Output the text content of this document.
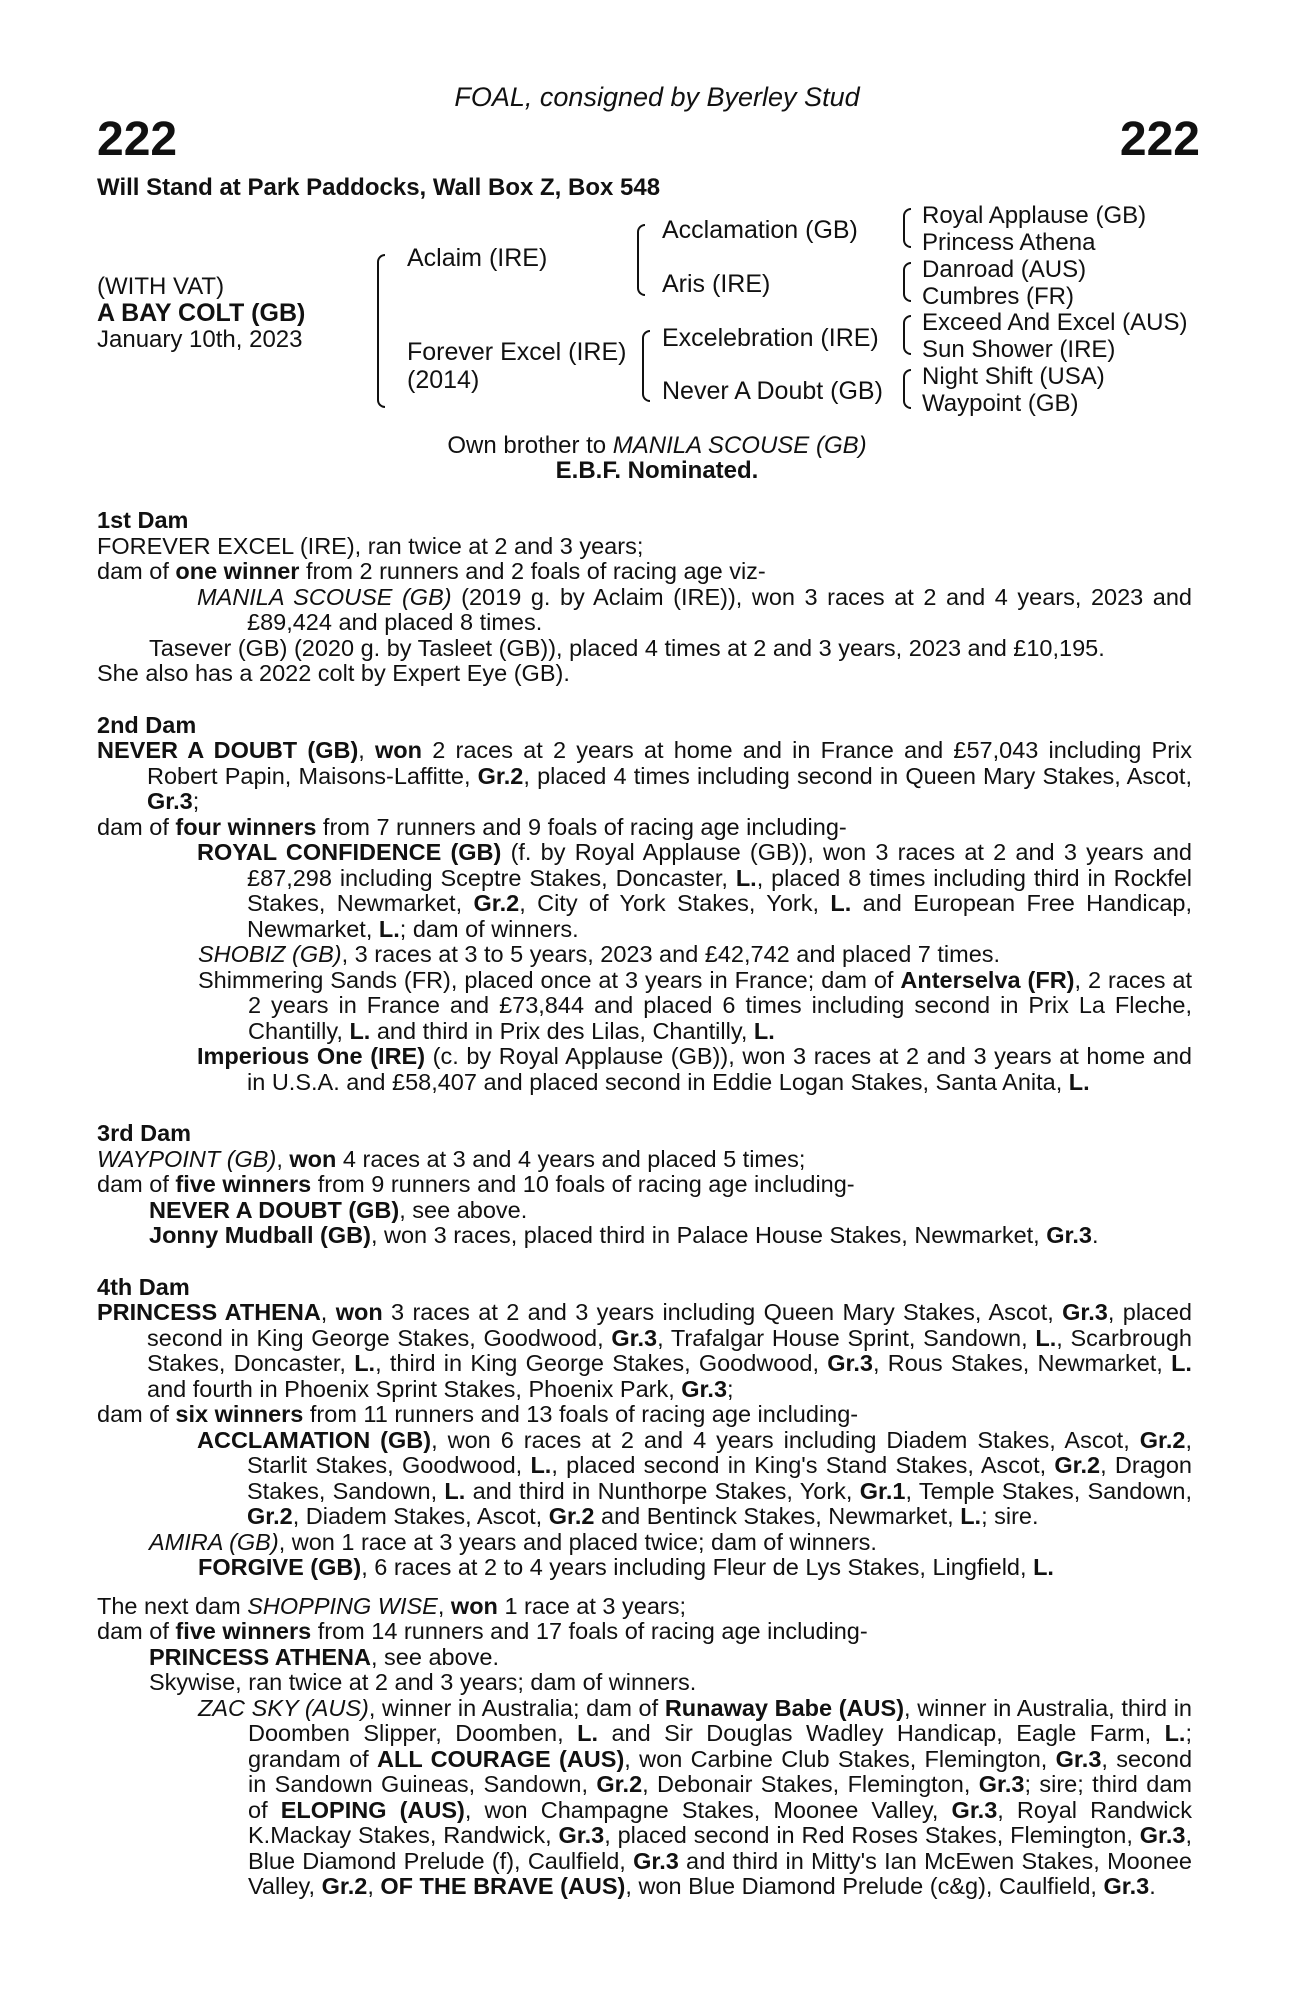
FOAL, consigned by Byerley Stud
222	222
Will Stand at Park Paddocks, Wall Box Z, Box 548
(WITH VAT)
A BAY COLT (GB)
January 10th, 2023
Aclaim (IRE)
Forever Excel (IRE)
(2014)
Acclamation (GB)
Aris (IRE)
Excelebration (IRE)
Never A Doubt (GB)
Royal Applause (GB)
Princess Athena
Danroad (AUS)
Cumbres (FR)
Exceed And Excel (AUS)
Sun Shower (IRE)
Night Shift (USA)
Waypoint (GB)
Own brother to MANILA SCOUSE (GB)
E.B.F. Nominated.

1st Dam

FOREVER EXCEL (IRE), ran twice at 2 and 3 years;

dam of one winner from 2 runners and 2 foals of racing age viz-

MANILA SCOUSE (GB) (2019 g. by Aclaim (IRE)), won 3 races at 2 and 4 years, 2023 and £89,424 and placed 8 times.

Tasever (GB) (2020 g. by Tasleet (GB)), placed 4 times at 2 and 3 years, 2023 and £10,195.

She also has a 2022 colt by Expert Eye (GB).

2nd Dam

NEVER A DOUBT (GB), won 2 races at 2 years at home and in France and £57,043 including Prix Robert Papin, Maisons-Laffitte, Gr.2, placed 4 times including second in Queen Mary Stakes, Ascot, Gr.3;

dam of four winners from 7 runners and 9 foals of racing age including-

ROYAL CONFIDENCE (GB) (f. by Royal Applause (GB)), won 3 races at 2 and 3 years and £87,298 including Sceptre Stakes, Doncaster, L., placed 8 times including third in Rockfel Stakes, Newmarket, Gr.2, City of York Stakes, York, L. and European Free Handicap, Newmarket, L.; dam of winners.

SHOBIZ (GB), 3 races at 3 to 5 years, 2023 and £42,742 and placed 7 times.

Shimmering Sands (FR), placed once at 3 years in France; dam of Anterselva (FR), 2 races at 2 years in France and £73,844 and placed 6 times including second in Prix La Fleche, Chantilly, L. and third in Prix des Lilas, Chantilly, L.

Imperious One (IRE) (c. by Royal Applause (GB)), won 3 races at 2 and 3 years at home and in U.S.A. and £58,407 and placed second in Eddie Logan Stakes, Santa Anita, L.

3rd Dam

WAYPOINT (GB), won 4 races at 3 and 4 years and placed 5 times;

dam of five winners from 9 runners and 10 foals of racing age including-

NEVER A DOUBT (GB), see above.

Jonny Mudball (GB), won 3 races, placed third in Palace House Stakes, Newmarket, Gr.3.

4th Dam

PRINCESS ATHENA, won 3 races at 2 and 3 years including Queen Mary Stakes, Ascot, Gr.3, placed second in King George Stakes, Goodwood, Gr.3, Trafalgar House Sprint, Sandown, L., Scarbrough Stakes, Doncaster, L., third in King George Stakes, Goodwood, Gr.3, Rous Stakes, Newmarket, L. and fourth in Phoenix Sprint Stakes, Phoenix Park, Gr.3;

dam of six winners from 11 runners and 13 foals of racing age including-

ACCLAMATION (GB), won 6 races at 2 and 4 years including Diadem Stakes, Ascot, Gr.2, Starlit Stakes, Goodwood, L., placed second in King's Stand Stakes, Ascot, Gr.2, Dragon Stakes, Sandown, L. and third in Nunthorpe Stakes, York, Gr.1, Temple Stakes, Sandown, Gr.2, Diadem Stakes, Ascot, Gr.2 and Bentinck Stakes, Newmarket, L.; sire.

AMIRA (GB), won 1 race at 3 years and placed twice; dam of winners.

FORGIVE (GB), 6 races at 2 to 4 years including Fleur de Lys Stakes, Lingfield, L.

The next dam SHOPPING WISE, won 1 race at 3 years;

dam of five winners from 14 runners and 17 foals of racing age including-

PRINCESS ATHENA, see above.

Skywise, ran twice at 2 and 3 years; dam of winners.

ZAC SKY (AUS), winner in Australia; dam of Runaway Babe (AUS), winner in Australia, third in Doomben Slipper, Doomben, L. and Sir Douglas Wadley Handicap, Eagle Farm, L.; grandam of ALL COURAGE (AUS), won Carbine Club Stakes, Flemington, Gr.3, second in Sandown Guineas, Sandown, Gr.2, Debonair Stakes, Flemington, Gr.3; sire; third dam of ELOPING (AUS), won Champagne Stakes, Moonee Valley, Gr.3, Royal Randwick K.Mackay Stakes, Randwick, Gr.3, placed second in Red Roses Stakes, Flemington, Gr.3, Blue Diamond Prelude (f), Caulfield, Gr.3 and third in Mitty's Ian McEwen Stakes, Moonee Valley, Gr.2, OF THE BRAVE (AUS), won Blue Diamond Prelude (c&g), Caulfield, Gr.3.
